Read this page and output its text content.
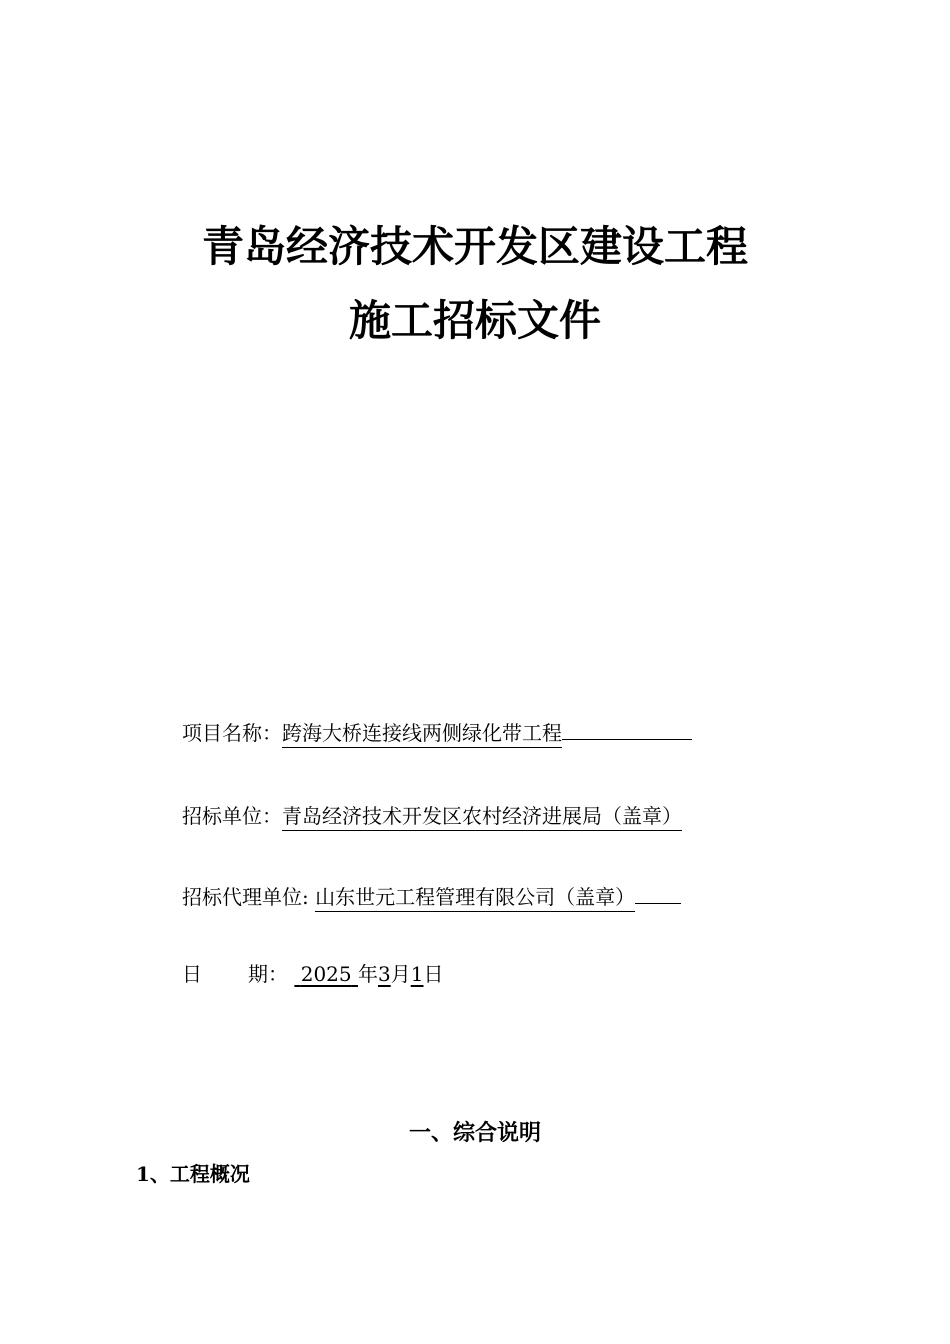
青岛经济技术开发区建设工程
施工招标文件
项目名称：跨海大桥连接线两侧绿化带工程
招标单位：青岛经济技术开发区农村经济进展局（盖章）
招标代理单位: 山东世元工程管理有限公司（盖章）
日 期： 2025 年3月1日
一、综合说明
1、工程概况
